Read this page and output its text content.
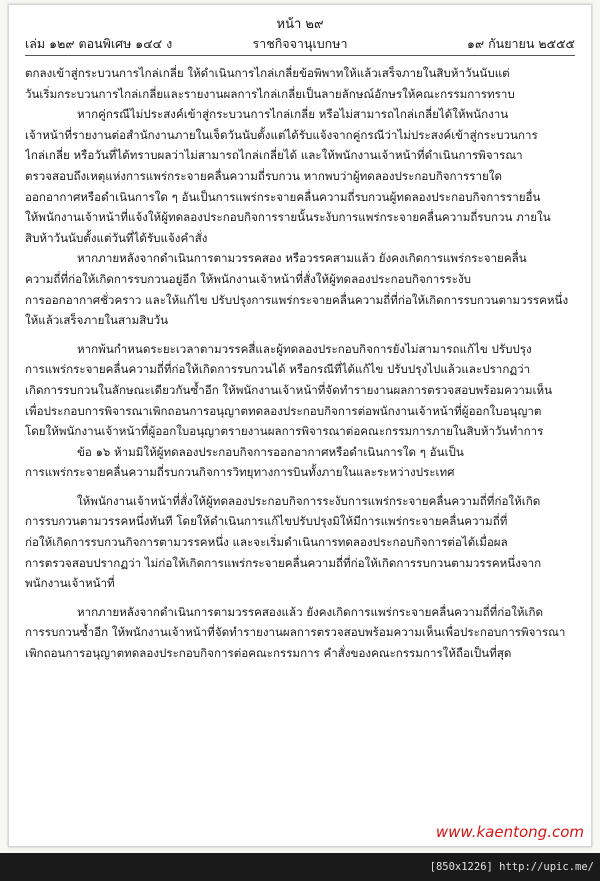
หน้า ๒๙
เล่ม ๑๒๙ ตอนพิเศษ ๑๔๔ ง	ราชกิจจานุเบกษา	๑๙ กันยายน ๒๕๕๕
ตกลงเข้าสู่กระบวนการไกล่เกลี่ย ให้ดำเนินการไกล่เกลี่ยข้อพิพาทให้แล้วเสร็จภายในสิบห้าวันนับแต่
วันเริ่มกระบวนการไกล่เกลี่ยและรายงานผลการไกล่เกลี่ยเป็นลายลักษณ์อักษรให้คณะกรรมการทราบ
หากคู่กรณีไม่ประสงค์เข้าสู่กระบวนการไกล่เกลี่ย หรือไม่สามารถไกล่เกลี่ยได้ให้พนักงาน
เจ้าหน้าที่รายงานต่อสำนักงานภายในเจ็ดวันนับตั้งแต่ได้รับแจ้งจากคู่กรณีว่าไม่ประสงค์เข้าสู่กระบวนการ
ไกล่เกลี่ย หรือวันที่ได้ทราบผลว่าไม่สามารถไกล่เกลี่ยได้ และให้พนักงานเจ้าหน้าที่ดำเนินการพิจารณา
ตรวจสอบถึงเหตุแห่งการแพร่กระจายคลื่นความถี่รบกวน หากพบว่าผู้ทดลองประกอบกิจการรายใด
ออกอากาศหรือดำเนินการใด ๆ อันเป็นการแพร่กระจายคลื่นความถี่รบกวนผู้ทดลองประกอบกิจการรายอื่น
ให้พนักงานเจ้าหน้าที่แจ้งให้ผู้ทดลองประกอบกิจการรายนั้นระงับการแพร่กระจายคลื่นความถี่รบกวน ภายใน
สิบห้าวันนับตั้งแต่วันที่ได้รับแจ้งคำสั่ง
หากภายหลังจากดำเนินการตามวรรคสอง หรือวรรคสามแล้ว ยังคงเกิดการแพร่กระจายคลื่น
ความถี่ที่ก่อให้เกิดการรบกวนอยู่อีก ให้พนักงานเจ้าหน้าที่สั่งให้ผู้ทดลองประกอบกิจการระงับ
การออกอากาศชั่วคราว และให้แก้ไข ปรับปรุงการแพร่กระจายคลื่นความถี่ที่ก่อให้เกิดการรบกวนตามวรรคหนึ่ง
ให้แล้วเสร็จภายในสามสิบวัน
หากพ้นกำหนดระยะเวลาตามวรรคสี่และผู้ทดลองประกอบกิจการยังไม่สามารถแก้ไข ปรับปรุง
การแพร่กระจายคลื่นความถี่ที่ก่อให้เกิดการรบกวนได้ หรือกรณีที่ได้แก้ไข ปรับปรุงไปแล้วและปรากฏว่า
เกิดการรบกวนในลักษณะเดียวกันซ้ำอีก ให้พนักงานเจ้าหน้าที่จัดทำรายงานผลการตรวจสอบพร้อมความเห็น
เพื่อประกอบการพิจารณาเพิกถอนการอนุญาตทดลองประกอบกิจการต่อพนักงานเจ้าหน้าที่ผู้ออกใบอนุญาต
โดยให้พนักงานเจ้าหน้าที่ผู้ออกใบอนุญาตรายงานผลการพิจารณาต่อคณะกรรมการภายในสิบห้าวันทำการ
ข้อ ๑๖ ห้ามมิให้ผู้ทดลองประกอบกิจการออกอากาศหรือดำเนินการใด ๆ อันเป็น
การแพร่กระจายคลื่นความถี่รบกวนกิจการวิทยุทางการบินทั้งภายในและระหว่างประเทศ
ให้พนักงานเจ้าหน้าที่สั่งให้ผู้ทดลองประกอบกิจการระงับการแพร่กระจายคลื่นความถี่ที่ก่อให้เกิด
การรบกวนตามวรรคหนึ่งทันที โดยให้ดำเนินการแก้ไขปรับปรุงมิให้มีการแพร่กระจายคลื่นความถี่ที่
ก่อให้เกิดการรบกวนกิจการตามวรรคหนึ่ง และจะเริ่มดำเนินการทดลองประกอบกิจการต่อได้เมื่อผล
การตรวจสอบปรากฏว่า ไม่ก่อให้เกิดการแพร่กระจายคลื่นความถี่ที่ก่อให้เกิดการรบกวนตามวรรคหนึ่งจาก
พนักงานเจ้าหน้าที่
หากภายหลังจากดำเนินการตามวรรคสองแล้ว ยังคงเกิดการแพร่กระจายคลื่นความถี่ที่ก่อให้เกิด
การรบกวนซ้ำอีก ให้พนักงานเจ้าหน้าที่จัดทำรายงานผลการตรวจสอบพร้อมความเห็นเพื่อประกอบการพิจารณา
เพิกถอนการอนุญาตทดลองประกอบกิจการต่อคณะกรรมการ คำสั่งของคณะกรรมการให้ถือเป็นที่สุด
www.kaentong.com
[850x1226] http://upic.me/
